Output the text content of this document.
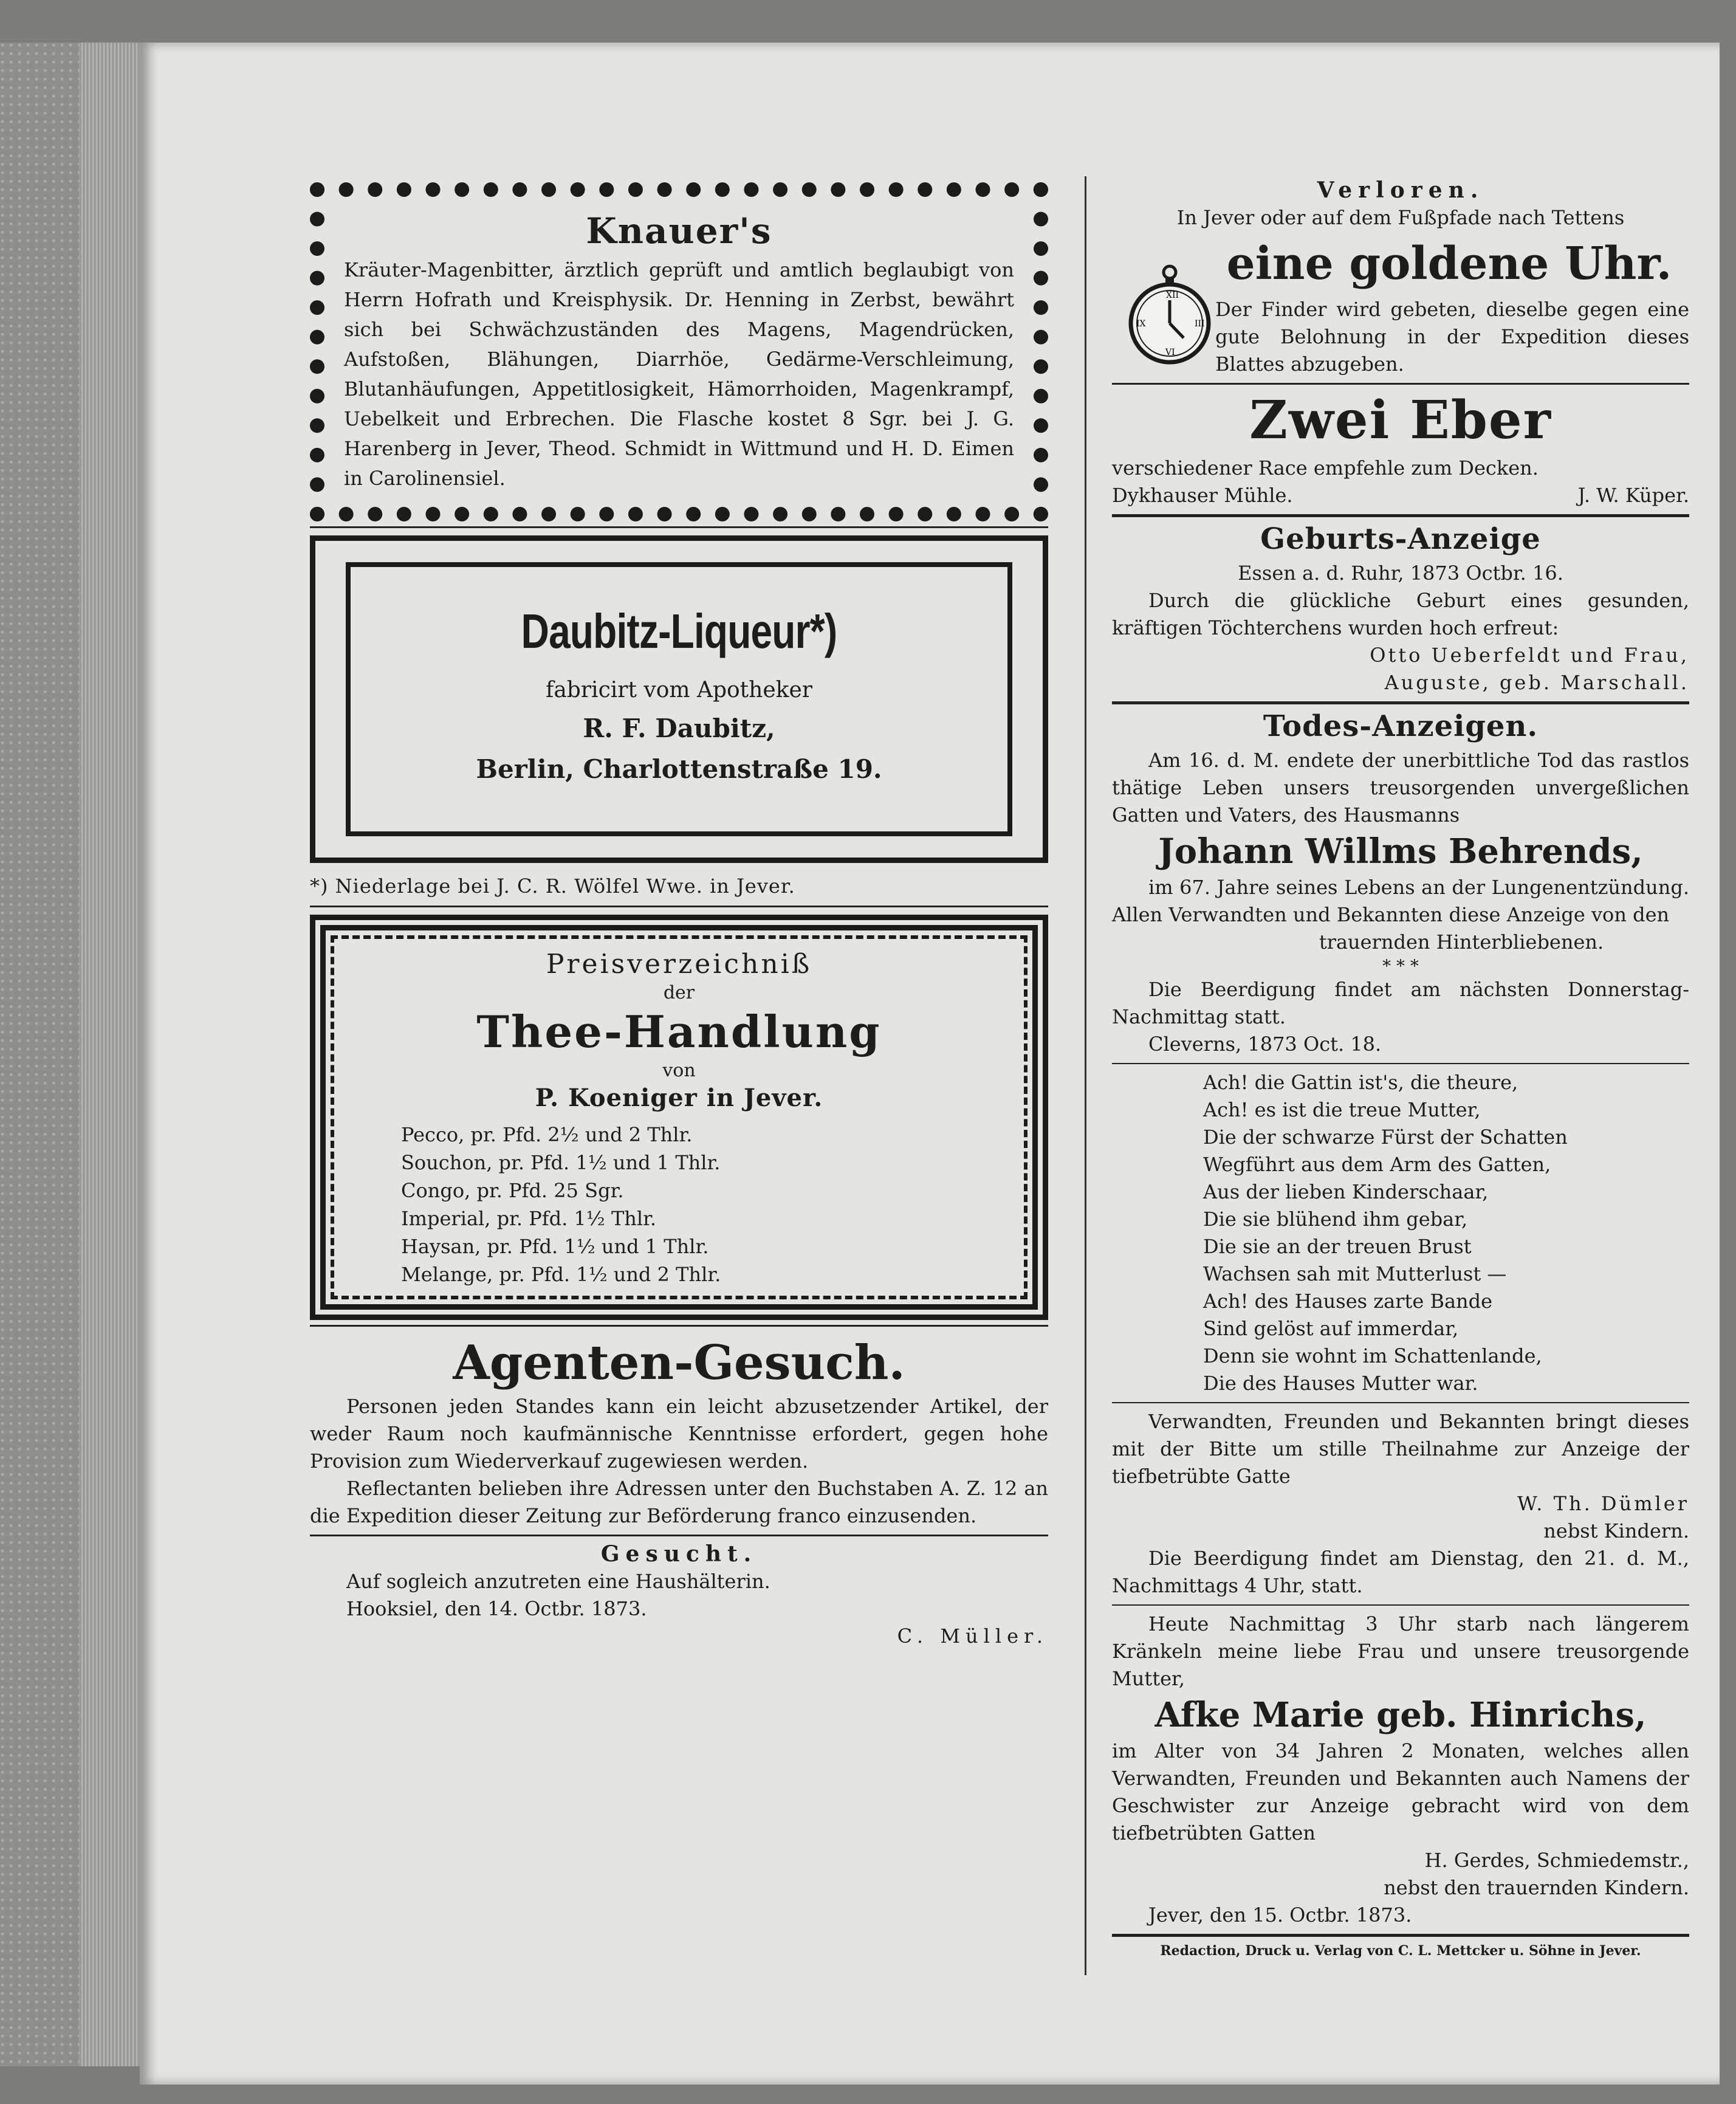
Knauer's

Kräuter-Magenbitter, ärztlich geprüft und amtlich beglaubigt von Herrn Hofrath und Kreisphysik. Dr. Henning in Zerbst, bewährt sich bei Schwächzuständen des Magens, Magendrücken, Aufstoßen, Blähungen, Diarrhöe, Gedärme-Verschleimung, Blutanhäufungen, Appetitlosigkeit, Hämorrhoiden, Magenkrampf, Uebelkeit und Erbrechen. Die Flasche kostet 8 Sgr. bei J. G. Harenberg in Jever, Theod. Schmidt in Wittmund und H. D. Eimen in Carolinensiel.

Daubitz-Liqueur*)
fabricirt vom Apotheker
R. F. Daubitz,
Berlin, Charlottenstraße 19.
*) Niederlage bei J. C. R. Wölfel Wwe. in Jever.
Preisverzeichniß
der
Thee-Handlung
von
P. Koeniger in Jever.

Pecco, pr. Pfd. 2½ und 2 Thlr.

Souchon, pr. Pfd. 1½ und 1 Thlr.

Congo, pr. Pfd. 25 Sgr.

Imperial, pr. Pfd. 1½ Thlr.

Haysan, pr. Pfd. 1½ und 1 Thlr.

Melange, pr. Pfd. 1½ und 2 Thlr.

Agenten-Gesuch.

Personen jeden Standes kann ein leicht abzusetzender Artikel, der weder Raum noch kaufmännische Kenntnisse erfordert, gegen hohe Provision zum Wiederverkauf zugewiesen werden.

Reflectanten belieben ihre Adressen unter den Buchstaben A. Z. 12 an die Expedition dieser Zeitung zur Beförderung franco einzusenden.

Gesucht.

Auf sogleich anzutreten eine Haushälterin.

Hooksiel, den 14. Octbr. 1873.

C. Müller.

Verloren.

In Jever oder auf dem Fußpfade nach Tettens

XII
III
VI
IX
eine goldene Uhr.

Der Finder wird gebeten, dieselbe gegen eine gute Belohnung in der Expedition dieses Blattes abzugeben.

Zwei Eber

verschiedener Race empfehle zum Decken.

Dykhauser Mühle.	J. W. Küper.

Geburts-Anzeige

Essen a. d. Ruhr, 1873 Octbr. 16.

Durch die glückliche Geburt eines gesunden, kräftigen Töchterchens wurden hoch erfreut:

Otto Ueberfeldt und Frau,

Auguste, geb. Marschall.

Todes-Anzeigen.

Am 16. d. M. endete der unerbittliche Tod das rastlos thätige Leben unsers treusorgenden unvergeßlichen Gatten und Vaters, des Hausmanns

Johann Willms Behrends,

im 67. Jahre seines Lebens an der Lungenentzündung. Allen Verwandten und Bekannten diese Anzeige von den

trauernden Hinterbliebenen.

* * *

Die Beerdigung findet am nächsten Donnerstag-Nachmittag statt.

Cleverns, 1873 Oct. 18.

Ach! die Gattin ist's, die theure,

Ach! es ist die treue Mutter,

Die der schwarze Fürst der Schatten

Wegführt aus dem Arm des Gatten,

Aus der lieben Kinderschaar,

Die sie blühend ihm gebar,

Die sie an der treuen Brust

Wachsen sah mit Mutterlust —

Ach! des Hauses zarte Bande

Sind gelöst auf immerdar,

Denn sie wohnt im Schattenlande,

Die des Hauses Mutter war.

Verwandten, Freunden und Bekannten bringt dieses mit der Bitte um stille Theilnahme zur Anzeige der tiefbetrübte Gatte

W. Th. Dümler

nebst Kindern.

Die Beerdigung findet am Dienstag, den 21. d. M., Nachmittags 4 Uhr, statt.

Heute Nachmittag 3 Uhr starb nach längerem Kränkeln meine liebe Frau und unsere treusorgende Mutter,

Afke Marie geb. Hinrichs,

im Alter von 34 Jahren 2 Monaten, welches allen Verwandten, Freunden und Bekannten auch Namens der Geschwister zur Anzeige gebracht wird von dem tiefbetrübten Gatten

H. Gerdes, Schmiedemstr.,

nebst den trauernden Kindern.

Jever, den 15. Octbr. 1873.

Redaction, Druck u. Verlag von C. L. Mettcker u. Söhne in Jever.
